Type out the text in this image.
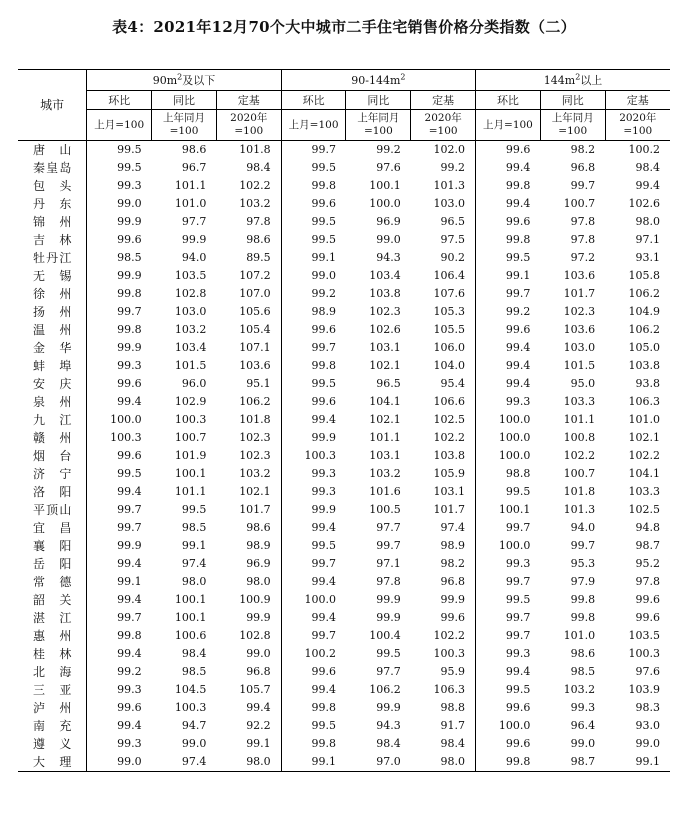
表4：2021年12月70个大中城市二手住宅销售价格分类指数（二）
城市	$90m^2$及以下			$90-144m^2$			$144m^2$以上		
	环比	同比	定基	环比	同比	定基	环比	同比	定基
	上月=100	上年同月=100	2020年=100	上月=100	上年同月=100	2020年=100	上月=100	上年同月=100	2020年=100
唐山	99.5	98.6	101.8	99.7	99.2	102.0	99.6	98.2	100.2
秦皇岛	99.5	96.7	98.4	99.5	97.6	99.2	99.4	96.8	98.4
包头	99.3	101.1	102.2	99.8	100.1	101.3	99.8	99.7	99.4
丹东	99.0	101.0	103.2	99.6	100.0	103.0	99.4	100.7	102.6
锦州	99.9	97.7	97.8	99.5	96.9	96.5	99.6	97.8	98.0
吉林	99.6	99.9	98.6	99.5	99.0	97.5	99.8	97.8	97.1
牡丹江	98.5	94.0	89.5	99.1	94.3	90.2	99.5	97.2	93.1
无锡	99.9	103.5	107.2	99.0	103.4	106.4	99.1	103.6	105.8
徐州	99.8	102.8	107.0	99.2	103.8	107.6	99.7	101.7	106.2
扬州	99.7	103.0	105.6	98.9	102.3	105.3	99.2	102.3	104.9
温州	99.8	103.2	105.4	99.6	102.6	105.5	99.6	103.6	106.2
金华	99.9	103.4	107.1	99.7	103.1	106.0	99.4	103.0	105.0
蚌埠	99.3	101.5	103.6	99.8	102.1	104.0	99.4	101.5	103.8
安庆	99.6	96.0	95.1	99.5	96.5	95.4	99.4	95.0	93.8
泉州	99.4	102.9	106.2	99.6	104.1	106.6	99.3	103.3	106.3
九江	100.0	100.3	101.8	99.4	102.1	102.5	100.0	101.1	101.0
赣州	100.3	100.7	102.3	99.9	101.1	102.2	100.0	100.8	102.1
烟台	99.6	101.9	102.3	100.3	103.1	103.8	100.0	102.2	102.2
济宁	99.5	100.1	103.2	99.3	103.2	105.9	98.8	100.7	104.1
洛阳	99.4	101.1	102.1	99.3	101.6	103.1	99.5	101.8	103.3
平顶山	99.7	99.5	101.7	99.9	100.5	101.7	100.1	101.3	102.5
宜昌	99.7	98.5	98.6	99.4	97.7	97.4	99.7	94.0	94.8
襄阳	99.9	99.1	98.9	99.5	99.7	98.9	100.0	99.7	98.7
岳阳	99.4	97.4	96.9	99.7	97.1	98.2	99.3	95.3	95.2
常德	99.1	98.0	98.0	99.4	97.8	96.8	99.7	97.9	97.8
韶关	99.4	100.1	100.9	100.0	99.9	99.9	99.5	99.8	99.6
湛江	99.7	100.1	99.9	99.4	99.9	99.6	99.7	99.8	99.6
惠州	99.8	100.6	102.8	99.7	100.4	102.2	99.7	101.0	103.5
桂林	99.4	98.4	99.0	100.2	99.5	100.3	99.3	98.6	100.3
北海	99.2	98.5	96.8	99.6	97.7	95.9	99.4	98.5	97.6
三亚	99.3	104.5	105.7	99.4	106.2	106.3	99.5	103.2	103.9
泸州	99.6	100.3	99.4	99.8	99.9	98.8	99.6	99.3	98.3
南充	99.4	94.7	92.2	99.5	94.3	91.7	100.0	96.4	93.0
遵义	99.3	99.0	99.1	99.8	98.4	98.4	99.6	99.0	99.0
大理	99.0	97.4	98.0	99.1	97.0	98.0	99.8	98.7	99.1
